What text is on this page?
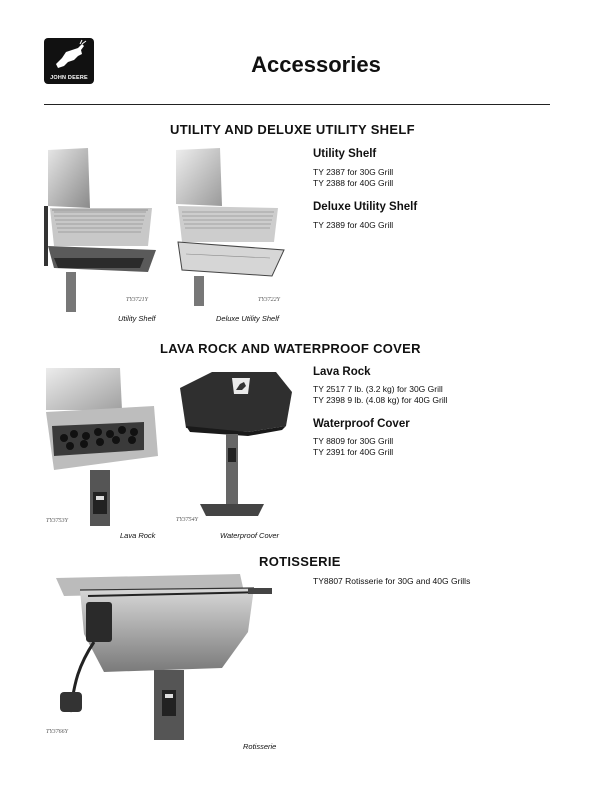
JOHN DEERE
Accessories
UTILITY AND DELUXE UTILITY SHELF
TY3721Y
Utility Shelf
TY3722Y
Deluxe Utility Shelf
Utility Shelf
TY 2387 for 30G Grill
TY 2388 for 40G Grill
Deluxe Utility Shelf
TY 2389 for 40G Grill
LAVA ROCK AND WATERPROOF COVER
TY3753Y
Lava Rock
TY3754Y
Waterproof Cover
Lava Rock
TY 2517 7 lb. (3.2 kg) for 30G Grill
TY 2398 9 lb. (4.08 kg) for 40G Grill
Waterproof Cover
TY 8809 for 30G Grill
TY 2391 for 40G Grill
ROTISSERIE
TY8807 Rotisserie for 30G and 40G Grills
TY3766Y
Rotisserie
